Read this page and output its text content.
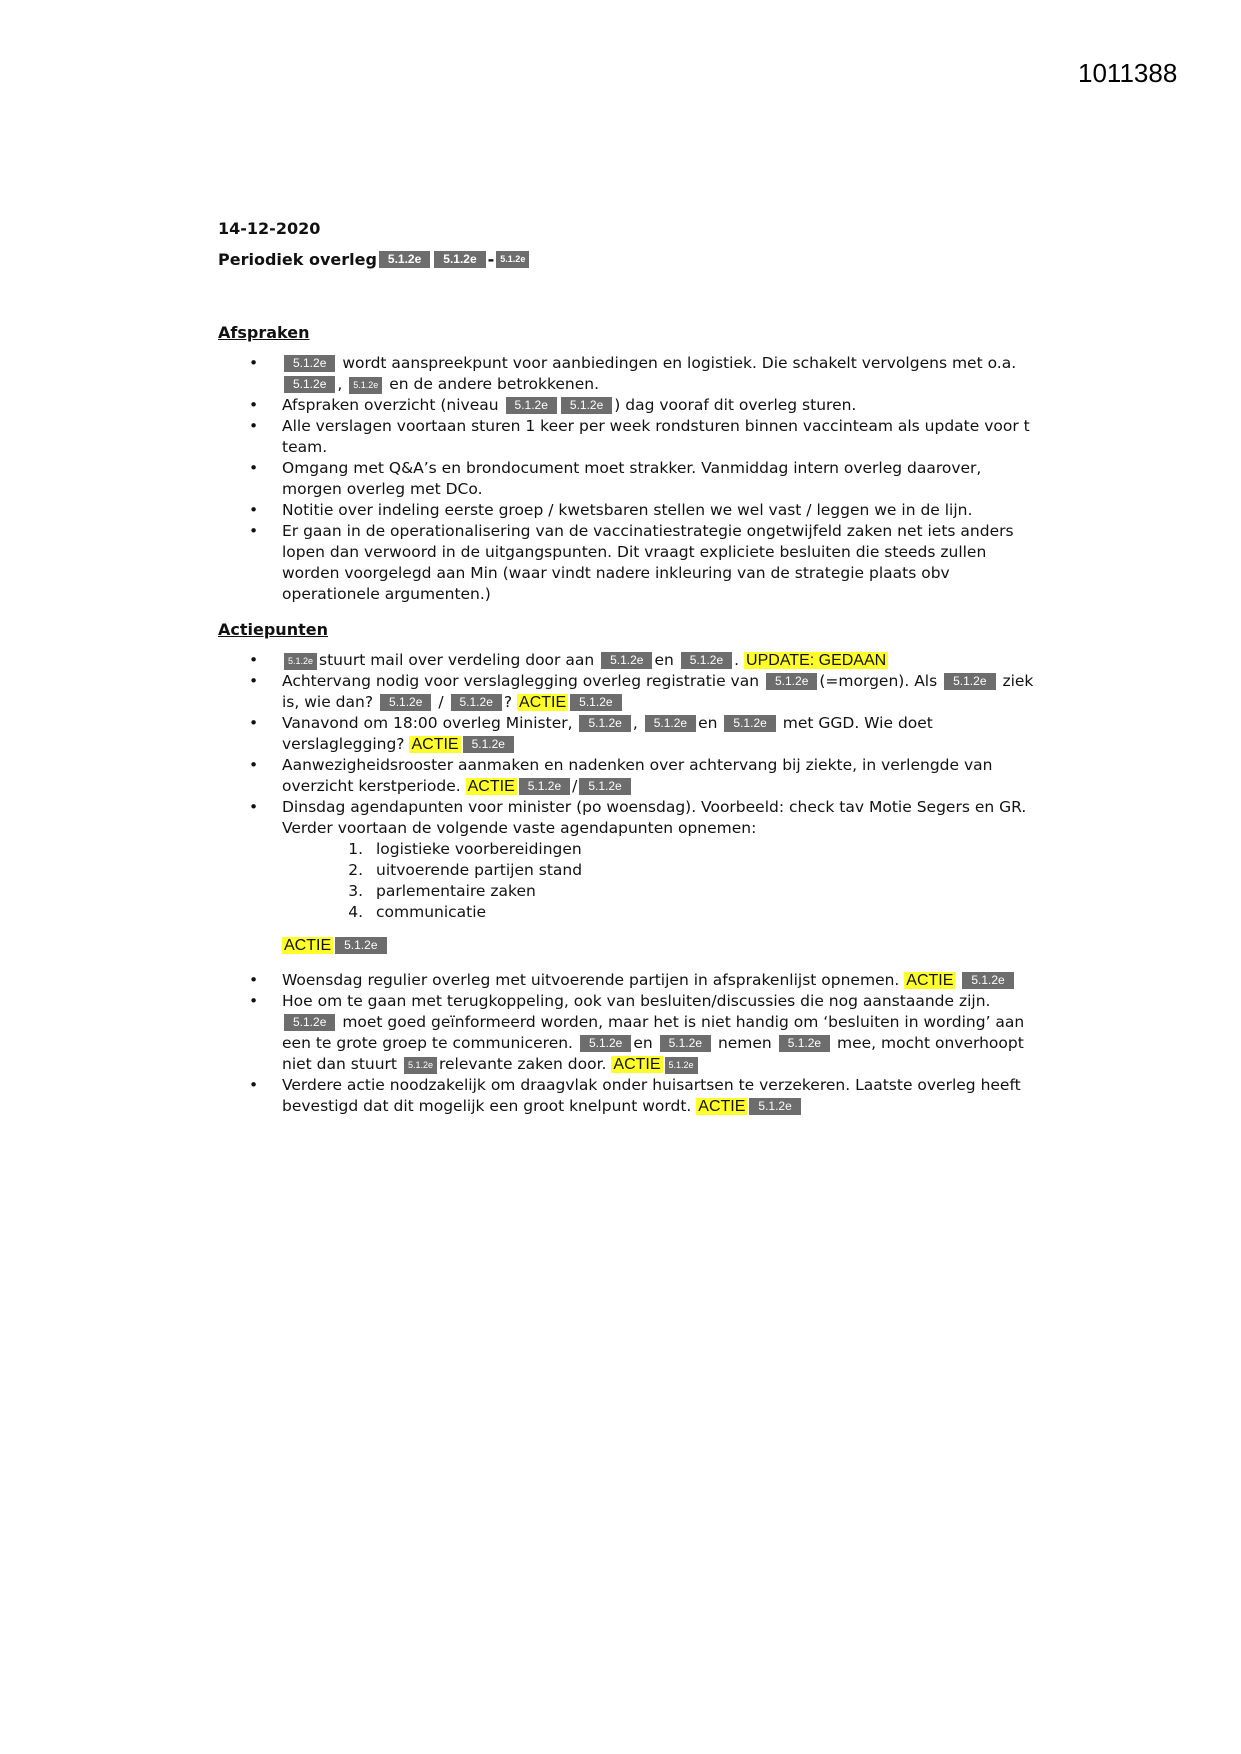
1011388

14-12-2020

Periodiek overleg 5.1.2e	5.1.2e - 5.1.2e

Afspraken

• 5.1.2e wordt aanspreekpunt voor aanbiedingen en logistiek. Die schakelt vervolgens met o.a. 5.1.2e , 5.1.2e en de andere betrokkenen.
• Afspraken overzicht (niveau 5.1.2e 5.1.2e ) dag vooraf dit overleg sturen.
• Alle verslagen voortaan sturen 1 keer per week rondsturen binnen vaccinteam als update voor t team.
• Omgang met Q&A’s en brondocument moet strakker. Vanmiddag intern overleg daarover, morgen overleg met DCo.
• Notitie over indeling eerste groep / kwetsbaren stellen we wel vast / leggen we in de lijn.
• Er gaan in de operationalisering van de vaccinatiestrategie ongetwijfeld zaken net iets anders lopen dan verwoord in de uitgangspunten. Dit vraagt expliciete besluiten die steeds zullen worden voorgelegd aan Min (waar vindt nadere inkleuring van de strategie plaats obv operationele argumenten.)

Actiepunten

• 5.1.2e stuurt mail over verdeling door aan 5.1.2e en 5.1.2e . UPDATE: GEDAAN
• Achtervang nodig voor verslaglegging overleg registratie van 5.1.2e (=morgen). Als 5.1.2e ziek is, wie dan? 5.1.2e / 5.1.2e ? ACTIE 5.1.2e
• Vanavond om 18:00 overleg Minister, 5.1.2e , 5.1.2e en 5.1.2e met GGD. Wie doet verslaglegging? ACTIE 5.1.2e
• Aanwezigheidsrooster aanmaken en nadenken over achtervang bij ziekte, in verlengde van overzicht kerstperiode. ACTIE 5.1.2e / 5.1.2e
• Dinsdag agendapunten voor minister (po woensdag). Voorbeeld: check tav Motie Segers en GR. Verder voortaan de volgende vaste agendapunten opnemen:
1. logistieke voorbereidingen
2. uitvoerende partijen stand
3. parlementaire zaken
4. communicatie
ACTIE 5.1.2e
• Woensdag regulier overleg met uitvoerende partijen in afsprakenlijst opnemen. ACTIE 5.1.2e
• Hoe om te gaan met terugkoppeling, ook van besluiten/discussies die nog aanstaande zijn. 5.1.2e moet goed geïnformeerd worden, maar het is niet handig om ‘besluiten in wording’ aan een te grote groep te communiceren. 5.1.2e en 5.1.2e nemen 5.1.2e mee, mocht onverhoopt niet dan stuurt 5.1.2e relevante zaken door. ACTIE 5.1.2e
• Verdere actie noodzakelijk om draagvlak onder huisartsen te verzekeren. Laatste overleg heeft bevestigd dat dit mogelijk een groot knelpunt wordt. ACTIE 5.1.2e
